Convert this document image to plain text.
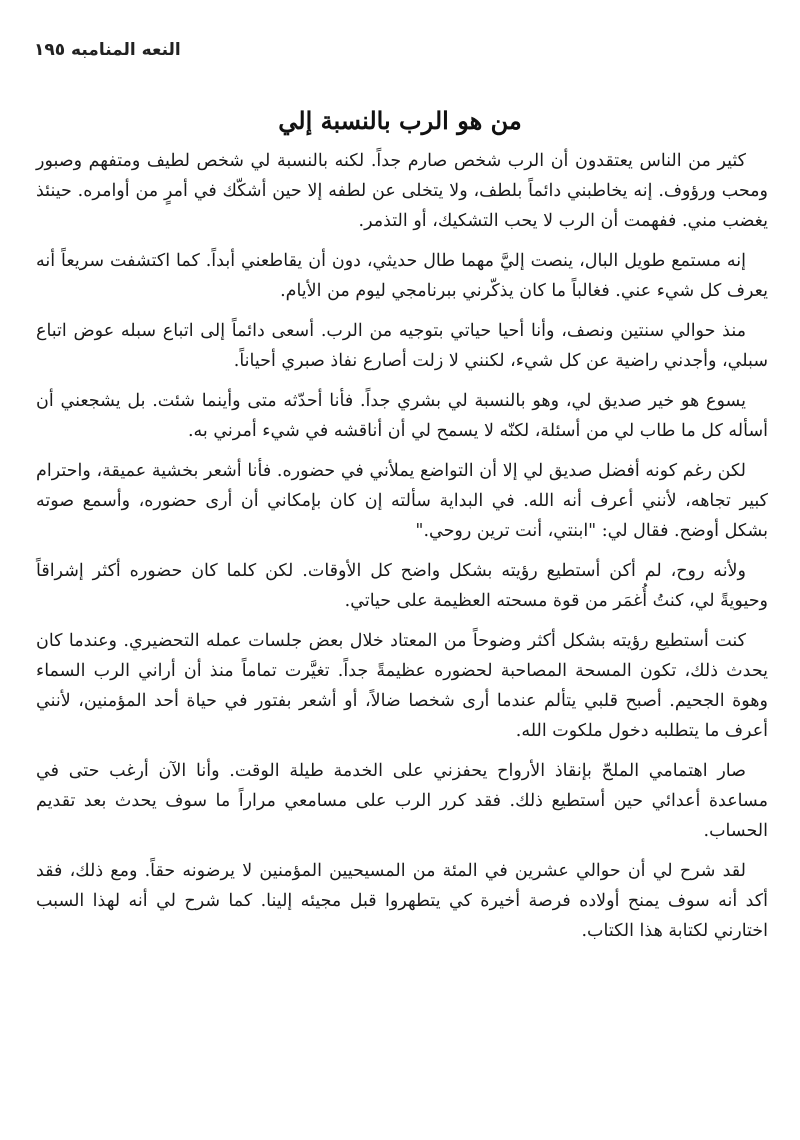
النعه المنامبه ١٩٥
من هو الرب بالنسبة إلي

كثير من الناس يعتقدون أن الرب شخص صارم جداً. لكنه بالنسبة لي شخص لطيف ومتفهم وصبور ومحب ورؤوف. إنه يخاطبني دائماً بلطف، ولا يتخلى عن لطفه إلا حين أشكّك في أمرٍ من أوامره. حينئذ يغضب مني. ففهمت أن الرب لا يحب التشكيك، أو التذمر.

إنه مستمع طويل البال، ينصت إليَّ مهما طال حديثي، دون أن يقاطعني أبداً. كما اكتشفت سريعاً أنه يعرف كل شيء عني. فغالباً ما كان يذكّرني ببرنامجي ليوم من الأيام.

منذ حوالي سنتين ونصف، وأنا أحيا حياتي بتوجيه من الرب. أسعى دائماً إلى اتباع سبله عوض اتباع سبلي، وأجدني راضية عن كل شيء، لكنني لا زلت أصارع نفاذ صبري أحياناً.

يسوع هو خير صديق لي، وهو بالنسبة لي بشري جداً. فأنا أحدّثه متى وأينما شئت. بل يشجعني أن أسأله كل ما طاب لي من أسئلة، لكنّه لا يسمح لي أن أناقشه في شيء أمرني به.

لكن رغم كونه أفضل صديق لي إلا أن التواضع يملأني في حضوره. فأنا أشعر بخشية عميقة، واحترام كبير تجاهه، لأنني أعرف أنه الله. في البداية سألته إن كان بإمكاني أن أرى حضوره، وأسمع صوته بشكل أوضح. فقال لي: "ابنتي، أنت ترين روحي."

ولأنه روح، لم أكن أستطيع رؤيته بشكل واضح كل الأوقات. لكن كلما كان حضوره أكثر إشراقاً وحيويةً لي، كنتُ أُغمَر من قوة مسحته العظيمة على حياتي.

كنت أستطيع رؤيته بشكل أكثر وضوحاً من المعتاد خلال بعض جلسات عمله التحضيري. وعندما كان يحدث ذلك، تكون المسحة المصاحبة لحضوره عظيمةً جداً. تغيَّرت تماماً منذ أن أراني الرب السماء وهوة الجحيم. أصبح قلبي يتألم عندما أرى شخصا ضالاً، أو أشعر بفتور في حياة أحد المؤمنين، لأنني أعرف ما يتطلبه دخول ملكوت الله.

صار اهتمامي الملحّ بإنقاذ الأرواح يحفزني على الخدمة طيلة الوقت. وأنا الآن أرغب حتى في مساعدة أعدائي حين أستطيع ذلك. فقد كرر الرب على مسامعي مراراً ما سوف يحدث بعد تقديم الحساب.

لقد شرح لي أن حوالي عشرين في المئة من المسيحيين المؤمنين لا يرضونه حقاً. ومع ذلك، فقد أكد أنه سوف يمنح أولاده فرصة أخيرة كي يتطهروا قبل مجيئه إلينا. كما شرح لي أنه لهذا السبب اختارني لكتابة هذا الكتاب.
